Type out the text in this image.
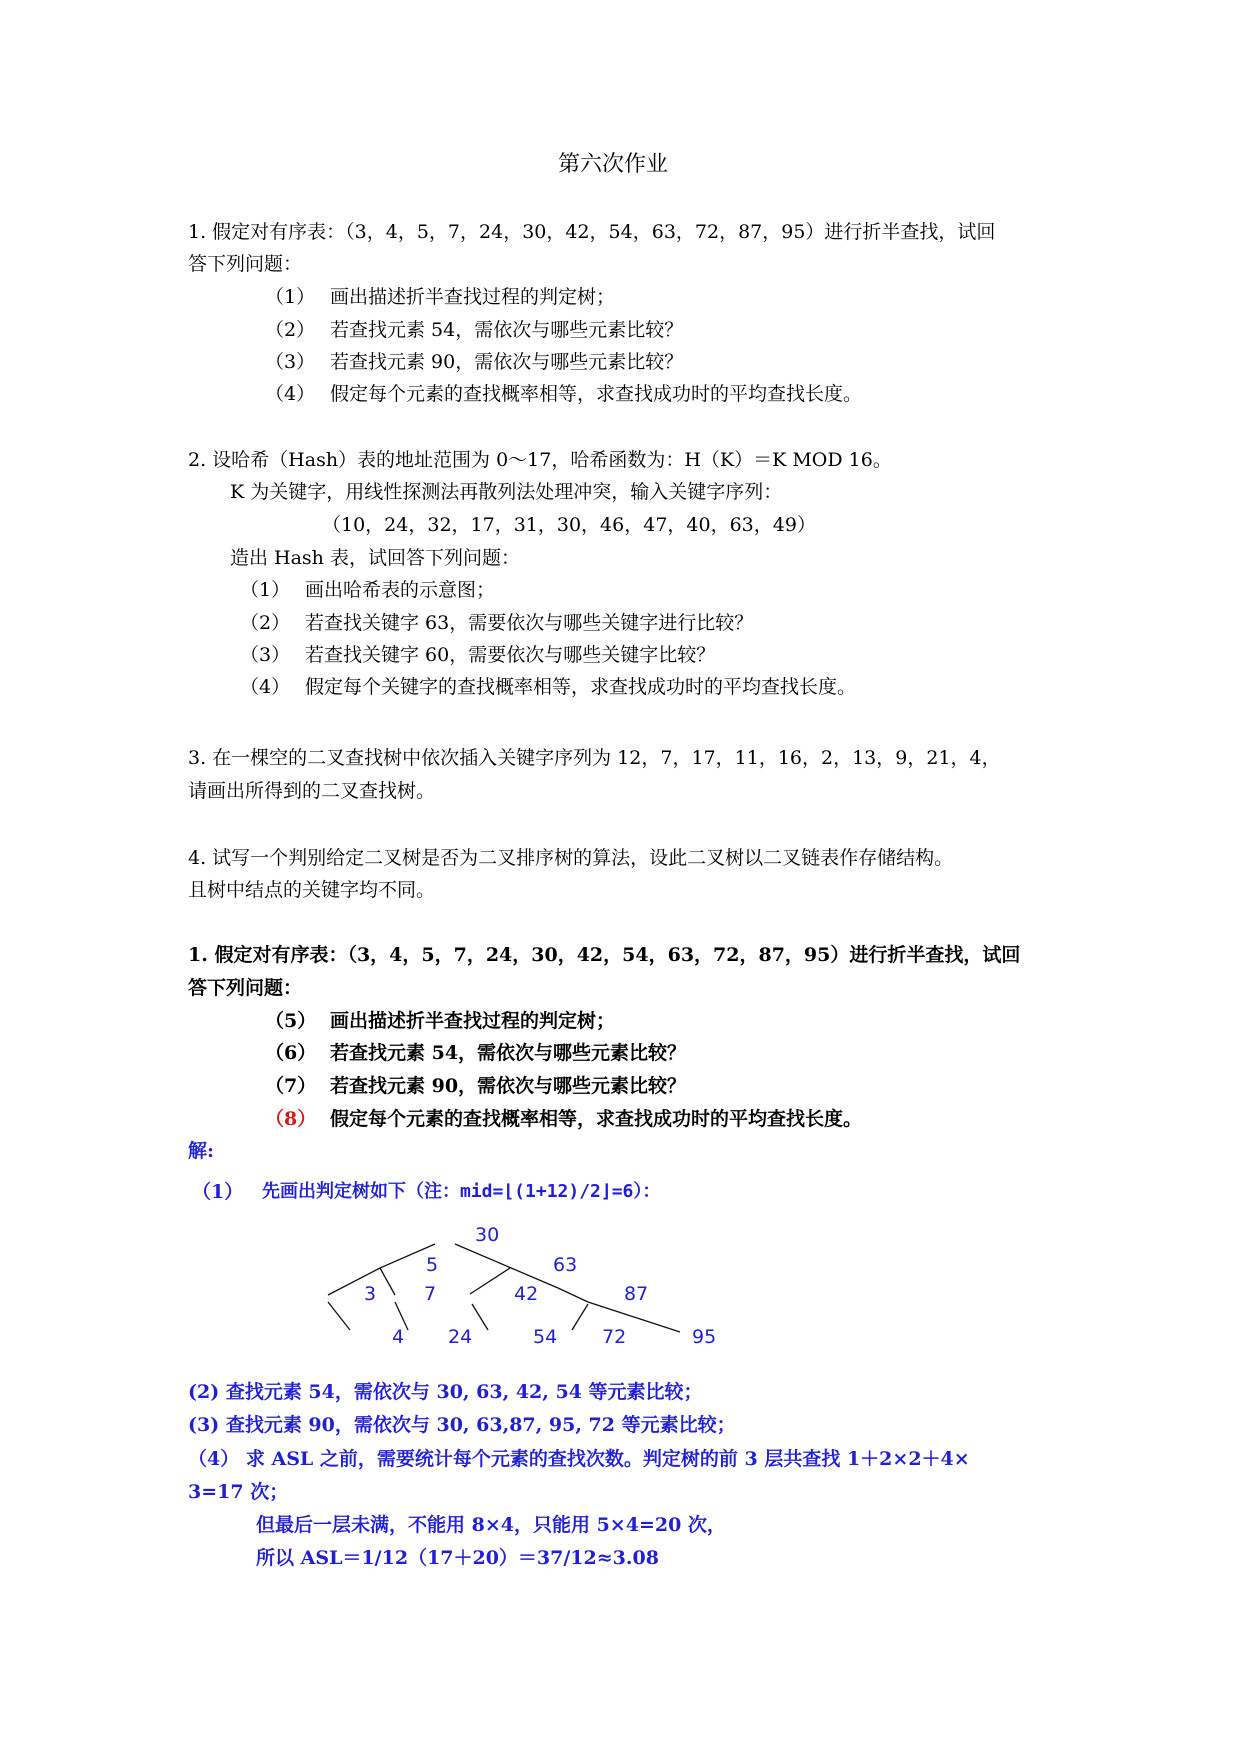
第六次作业
1. 假定对有序表：（3，4，5，7，24，30，42，54，63，72，87，95）进行折半查找，试回
答下列问题：
（1） 画出描述折半查找过程的判定树；
（2） 若查找元素 54，需依次与哪些元素比较？
（3） 若查找元素 90，需依次与哪些元素比较？
（4） 假定每个元素的查找概率相等，求查找成功时的平均查找长度。
2. 设哈希（Hash）表的地址范围为 0～17，哈希函数为：H（K）＝K MOD 16。
K 为关键字，用线性探测法再散列法处理冲突，输入关键字序列：
（10，24，32，17，31，30，46，47，40，63，49）
造出 Hash 表，试回答下列问题：
（1） 画出哈希表的示意图；
（2） 若查找关键字 63，需要依次与哪些关键字进行比较？
（3） 若查找关键字 60，需要依次与哪些关键字比较？
（4） 假定每个关键字的查找概率相等，求查找成功时的平均查找长度。
3. 在一棵空的二叉查找树中依次插入关键字序列为 12，7，17，11，16，2，13，9，21，4，
请画出所得到的二叉查找树。
4. 试写一个判别给定二叉树是否为二叉排序树的算法，设此二叉树以二叉链表作存储结构。
且树中结点的关键字均不同。
1. 假定对有序表：（3，4，5，7，24，30，42，54，63，72，87，95）进行折半查找，试回
答下列问题：
（5） 画出描述折半查找过程的判定树；
（6） 若查找元素 54，需依次与哪些元素比较？
（7） 若查找元素 90，需依次与哪些元素比较？
（8） 假定每个元素的查找概率相等，求查找成功时的平均查找长度。
解:
（1） 先画出判定树如下（注：mid=⌊(1+12)/2⌋=6）：
30
5	63
3	7	42	87
4 24	54 72	95
(2) 查找元素 54，需依次与 30, 63, 42, 54 等元素比较；
(3) 查找元素 90，需依次与 30, 63,87, 95, 72 等元素比较；
（4） 求 ASL 之前，需要统计每个元素的查找次数。判定树的前 3 层共查找 1＋2×2＋4×
3=17 次；
但最后一层未满，不能用 8×4，只能用 5×4=20 次，
所以 ASL＝1/12（17＋20）＝37/12≈3.08
